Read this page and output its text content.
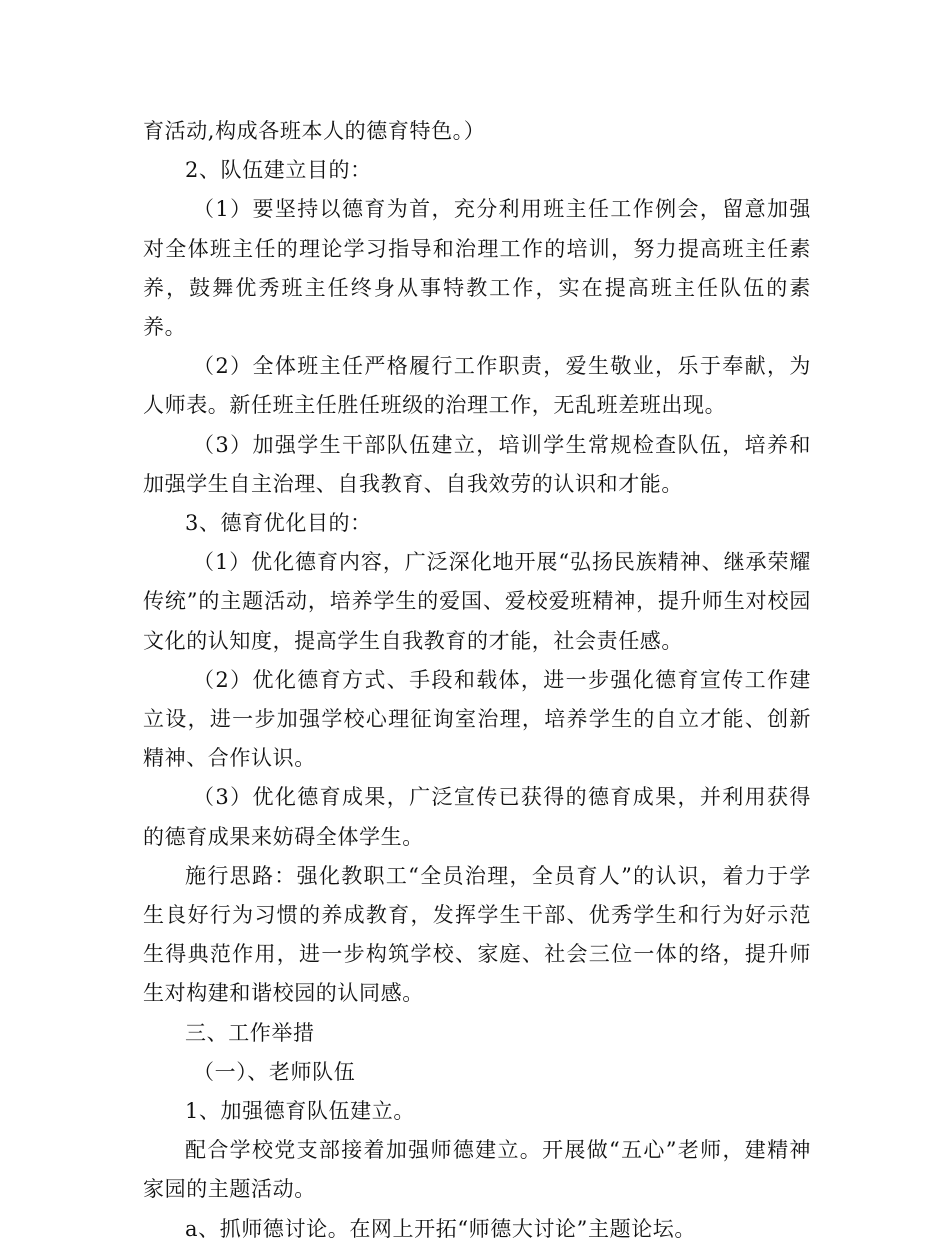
育活动,构成各班本人的德育特色。）

2、队伍建立目的：

（1）要坚持以德育为首，充分利用班主任工作例会，留意加强对全体班主任的理论学习指导和治理工作的培训，努力提高班主任素养，鼓舞优秀班主任终身从事特教工作，实在提高班主任队伍的素养。

（2）全体班主任严格履行工作职责，爱生敬业，乐于奉献，为人师表。新任班主任胜任班级的治理工作，无乱班差班出现。

（3）加强学生干部队伍建立，培训学生常规检查队伍，培养和加强学生自主治理、自我教育、自我效劳的认识和才能。

3、德育优化目的：

（1）优化德育内容，广泛深化地开展“弘扬民族精神、继承荣耀传统”的主题活动，培养学生的爱国、爱校爱班精神，提升师生对校园文化的认知度，提高学生自我教育的才能，社会责任感。

（2）优化德育方式、手段和载体，进一步强化德育宣传工作建立设，进一步加强学校心理征询室治理，培养学生的自立才能、创新精神、合作认识。

（3）优化德育成果，广泛宣传已获得的德育成果，并利用获得的德育成果来妨碍全体学生。

施行思路：强化教职工“全员治理，全员育人”的认识，着力于学生良好行为习惯的养成教育，发挥学生干部、优秀学生和行为好示范生得典范作用，进一步构筑学校、家庭、社会三位一体的络，提升师生对构建和谐校园的认同感。

三、工作举措

（一）、老师队伍

1、加强德育队伍建立。

配合学校党支部接着加强师德建立。开展做“五心”老师，建精神家园的主题活动。

a、抓师德讨论。在网上开拓“师德大讨论”主题论坛。
